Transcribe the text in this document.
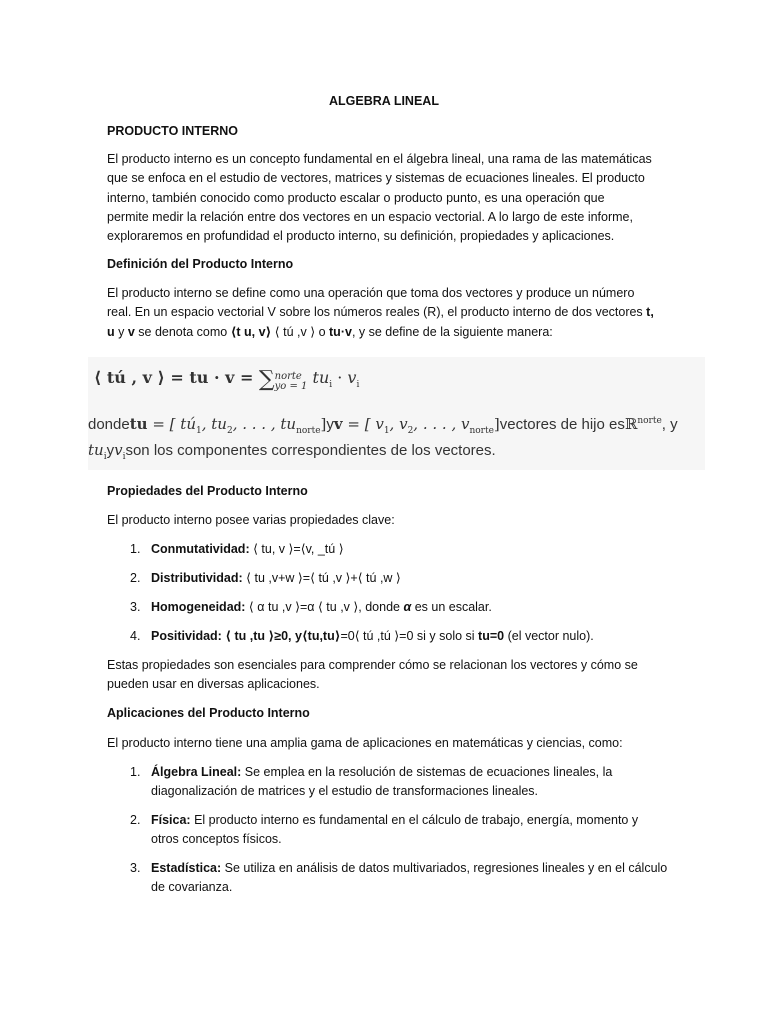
ALGEBRA LINEAL
PRODUCTO INTERNO
El producto interno es un concepto fundamental en el álgebra lineal, una rama de las matemáticas
que se enfoca en el estudio de vectores, matrices y sistemas de ecuaciones lineales. El producto
interno, también conocido como producto escalar o producto punto, es una operación que
permite medir la relación entre dos vectores en un espacio vectorial. A lo largo de este informe,
exploraremos en profundidad el producto interno, su definición, propiedades y aplicaciones.
Definición del Producto Interno
El producto interno se define como una operación que toma dos vectores y produce un número
real. En un espacio vectorial V sobre los números reales (R), el producto interno de dos vectores t,
u y v se denota como ⟨t u, v⟩ ⟨ tú ,v ⟩ o tu·v, y se define de la siguiente manera:
⟨ tú , v ⟩ = tu · v = ∑norte
yo = 1 $tu_i \cdot v_i$
dondetu = [ $tú_1$, $tu_2$, . . . , $tu_{norte}]yv$ = [ $v_1$, $v_2$, . . . , $v_{norte}]vectores$ de hijo esℝ$^{norte}$, y
$tu_iyv_ison$ los componentes correspondientes de los vectores.
Propiedades del Producto Interno
El producto interno posee varias propiedades clave:
1. Conmutatividad: ⟨ tu, v ⟩=⟨v, _tú ⟩
2. Distributividad: ⟨ tu ,v+w ⟩=⟨ tú ,v ⟩+⟨ tú ,w ⟩
3. Homogeneidad: ⟨ α tu ,v ⟩=α ⟨ tu ,v ⟩, donde α es un escalar.
4. Positividad: ⟨ tu ,tu ⟩≥0, y⟨tu,tu⟩=0⟨ tú ,tú ⟩=0 si y solo si tu=0 (el vector nulo).
Estas propiedades son esenciales para comprender cómo se relacionan los vectores y cómo se
pueden usar en diversas aplicaciones.
Aplicaciones del Producto Interno
El producto interno tiene una amplia gama de aplicaciones en matemáticas y ciencias, como:
1. Álgebra Lineal: Se emplea en la resolución de sistemas de ecuaciones lineales, la
diagonalización de matrices y el estudio de transformaciones lineales.
2. Física: El producto interno es fundamental en el cálculo de trabajo, energía, momento y
otros conceptos físicos.
3. Estadística: Se utiliza en análisis de datos multivariados, regresiones lineales y en el cálculo
de covarianza.
